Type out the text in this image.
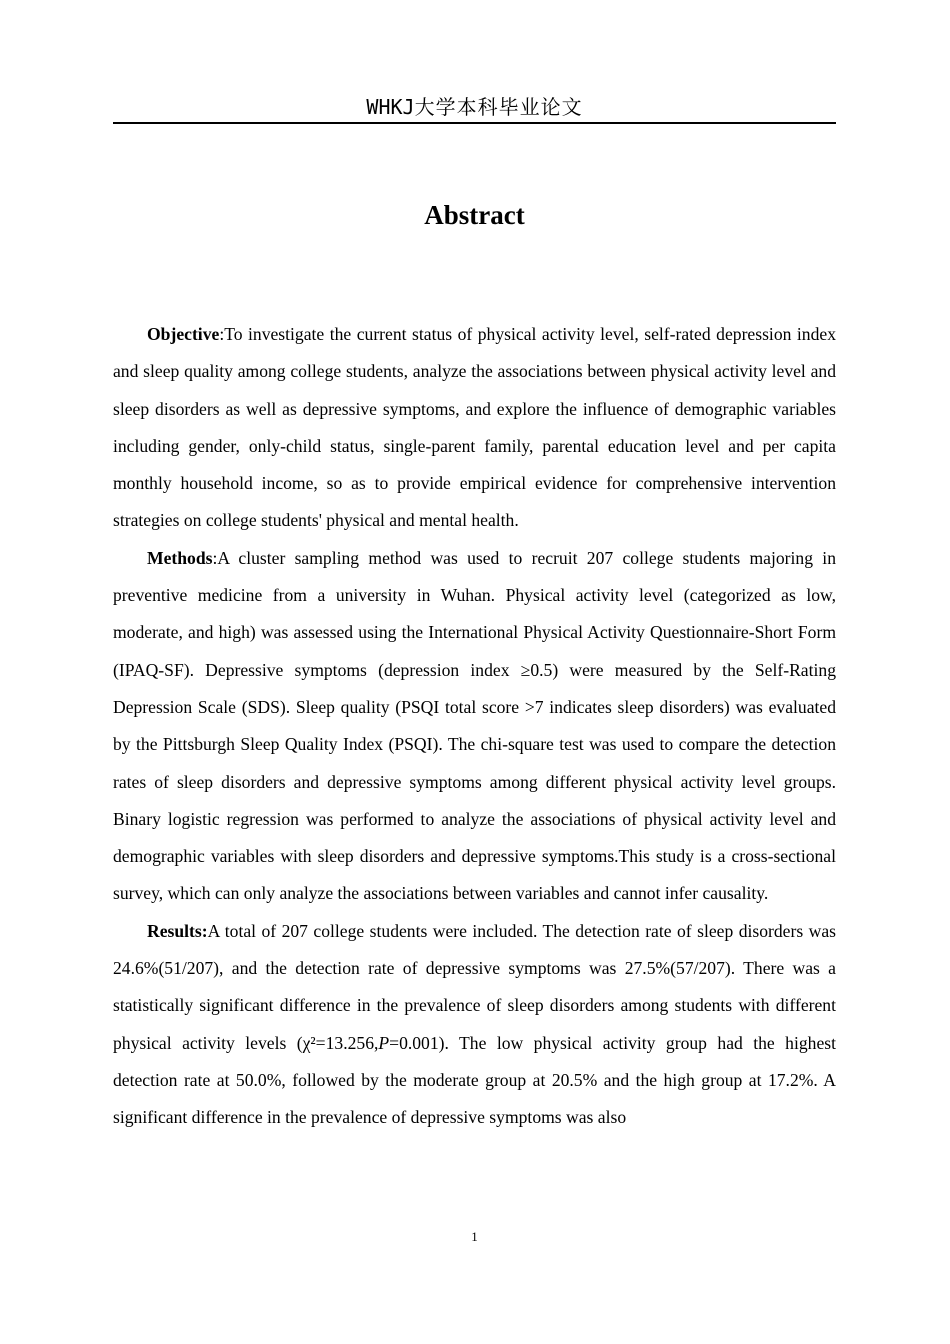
WHKJ大学本科毕业论文
Abstract

Objective:To investigate the current status of physical activity level, self-rated depression index and sleep quality among college students, analyze the associations between physical activity level and sleep disorders as well as depressive symptoms, and explore the influence of demographic variables including gender, only-child status, single-parent family, parental education level and per capita monthly household income, so as to provide empirical evidence for comprehensive intervention strategies on college students' physical and mental health.

Methods:A cluster sampling method was used to recruit 207 college students majoring in preventive medicine from a university in Wuhan. Physical activity level (categorized as low, moderate, and high) was assessed using the International Physical Activity Questionnaire-Short Form (IPAQ-SF). Depressive symptoms (depression index ≥0.5) were measured by the Self-Rating Depression Scale (SDS). Sleep quality (PSQI total score >7 indicates sleep disorders) was evaluated by the Pittsburgh Sleep Quality Index (PSQI). The chi-square test was used to compare the detection rates of sleep disorders and depressive symptoms among different physical activity level groups. Binary logistic regression was performed to analyze the associations of physical activity level and demographic variables with sleep disorders and depressive symptoms.This study is a cross-sectional survey, which can only analyze the associations between variables and cannot infer causality.

Results:A total of 207 college students were included. The detection rate of sleep disorders was 24.6%(51/207), and the detection rate of depressive symptoms was 27.5%(57/207). There was a statistically significant difference in the prevalence of sleep disorders among students with different physical activity levels (χ²=13.256,P=0.001). The low physical activity group had the highest detection rate at 50.0%, followed by the moderate group at 20.5% and the high group at 17.2%. A significant difference in the prevalence of depressive symptoms was also

1
